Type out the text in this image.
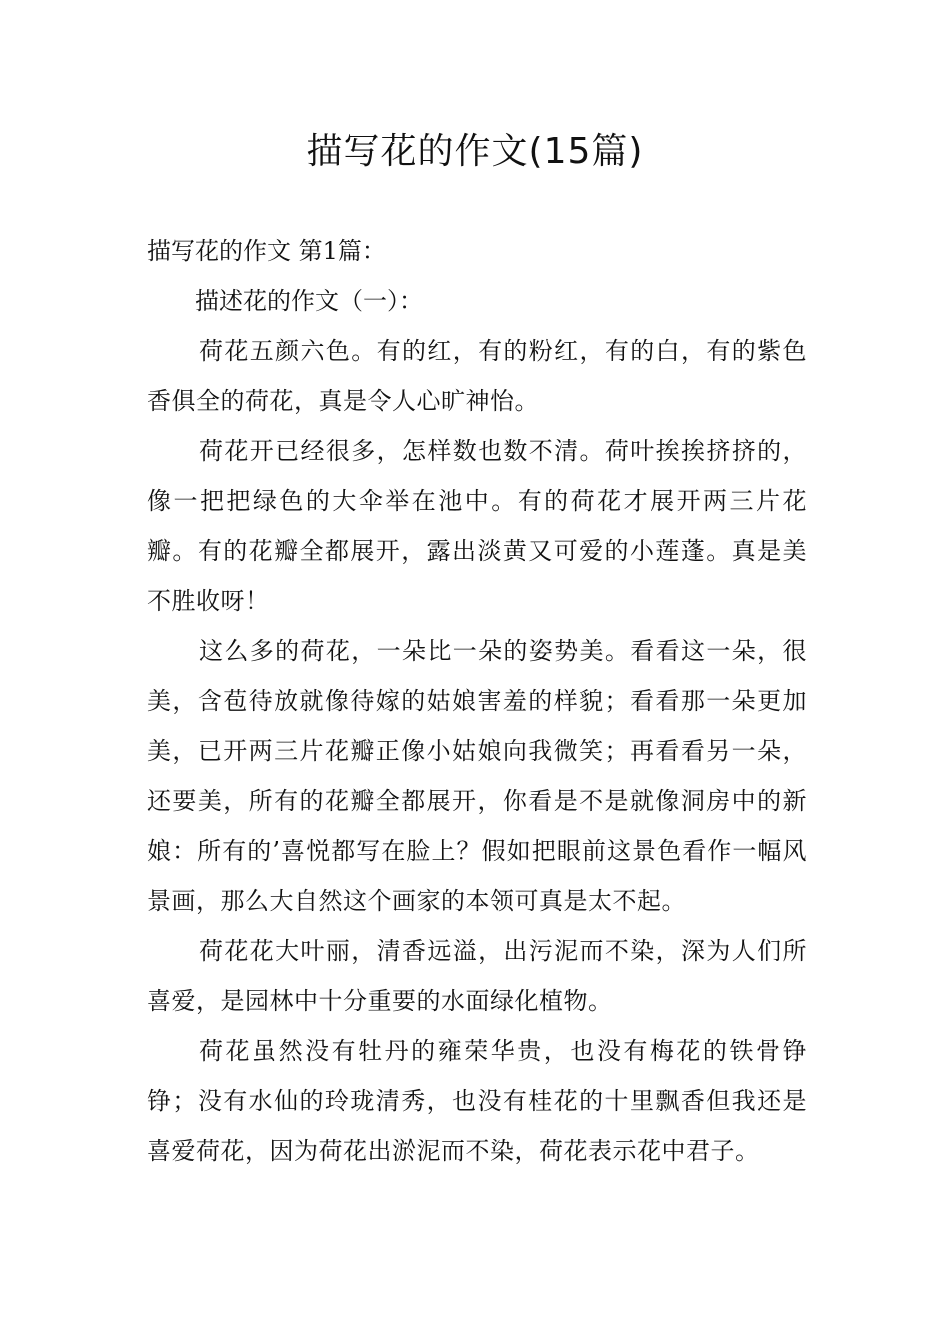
描写花的作文(15篇)
描写花的作文 第1篇：
描述花的作文（一）：

荷花五颜六色。有的红，有的粉红，有的白，有的紫色香俱全的荷花，真是令人心旷神怡。

荷花开已经很多，怎样数也数不清。荷叶挨挨挤挤的，像一把把绿色的大伞举在池中。有的荷花才展开两三片花瓣。有的花瓣全都展开，露出淡黄又可爱的小莲蓬。真是美不胜收呀！

这么多的荷花，一朵比一朵的姿势美。看看这一朵，很美，含苞待放就像待嫁的姑娘害羞的样貌；看看那一朵更加美，已开两三片花瓣正像小姑娘向我微笑；再看看另一朵，还要美，所有的花瓣全都展开，你看是不是就像洞房中的新娘：所有的’喜悦都写在脸上？假如把眼前这景色看作一幅风景画，那么大自然这个画家的本领可真是太不起。

荷花花大叶丽，清香远溢，出污泥而不染，深为人们所喜爱，是园林中十分重要的水面绿化植物。

荷花虽然没有牡丹的雍荣华贵，也没有梅花的铁骨铮铮；没有水仙的玲珑清秀，也没有桂花的十里飘香但我还是喜爱荷花，因为荷花出淤泥而不染，荷花表示花中君子。
